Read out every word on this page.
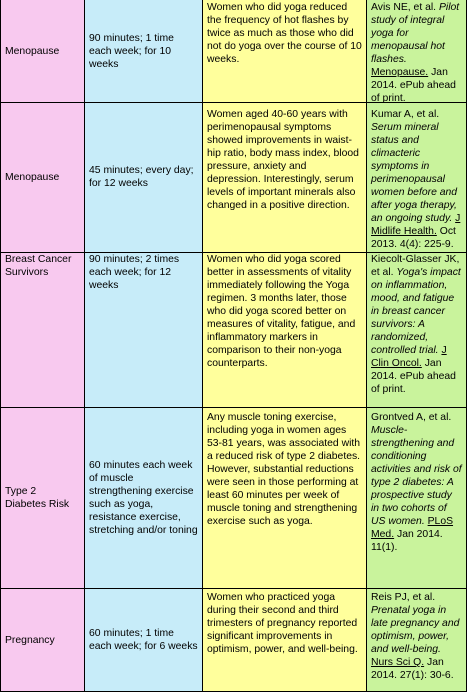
Menopause
90 minutes; 1 time each week; for 10 weeks
Women who did yoga reduced the frequency of hot flashes by twice as much as those who did not do yoga over the course of 10 weeks.
Avis NE, et al. Pilot study of integral yoga for menopausal hot flashes. Menopause. Jan 2014. ePub ahead of print.
Menopause
45 minutes; every day; for 12 weeks
Women aged 40-60 years with perimenopausal symptoms showed improvements in waist-hip ratio, body mass index, blood pressure, anxiety and depression. Interestingly, serum levels of important minerals also changed in a positive direction.
Kumar A, et al. Serum mineral status and climacteric symptoms in perimenopausal women before and after yoga therapy, an ongoing study. J Midlife Health. Oct 2013. 4(4): 225-9.
Breast Cancer Survivors
90 minutes; 2 times each week; for 12 weeks
Women who did yoga scored better in assessments of vitality immediately following the Yoga regimen. 3 months later, those who did yoga scored better on measures of vitality, fatigue, and inflammatory markers in comparison to their non-yoga counterparts.
Kiecolt-Glasser JK, et al. Yoga's impact on inflammation, mood, and fatigue in breast cancer survivors: A randomized, controlled trial. J Clin Oncol. Jan 2014. ePub ahead of print.
Type 2 Diabetes Risk
60 minutes each week of muscle strengthening exercise such as yoga, resistance exercise, stretching and/or toning
Any muscle toning exercise, including yoga in women ages 53-81 years, was associated with a reduced risk of type 2 diabetes. However, substantial reductions were seen in those performing at least 60 minutes per week of muscle toning and strengthening exercise such as yoga.
Grontved A, et al. Muscle-strengthening and conditioning activities and risk of type 2 diabetes: A prospective study in two cohorts of US women. PLoS Med. Jan 2014. 11(1).
Pregnancy
60 minutes; 1 time each week; for 6 weeks
Women who practiced yoga during their second and third trimesters of pregnancy reported significant improvements in optimism, power, and well-being.
Reis PJ, et al. Prenatal yoga in late pregnancy and optimism, power, and well-being. Nurs Sci Q. Jan 2014. 27(1): 30-6.
